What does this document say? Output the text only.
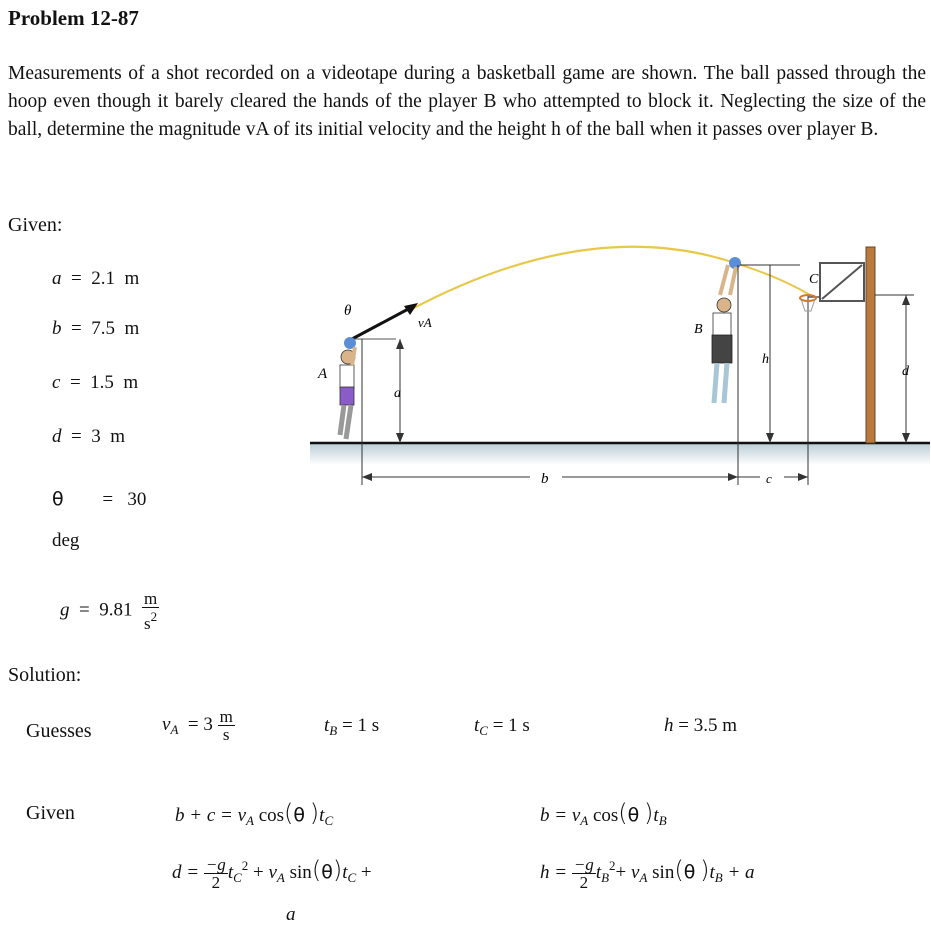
Problem 12-87
Measurements of a shot recorded on a videotape during a basketball game are shown. The ball passed through the hoop even though it barely cleared the hands of the player B who attempted to block it. Neglecting the size of the ball, determine the magnitude vA of its initial velocity and the height h of the ball when it passes over player B.
Given:
a = 2.1 m
b = 7.5 m
c = 1.5 m
d = 3 m
θ = 30
deg
$g = 9.81 \frac{m}{s^2}$
Solution:
Guesses	$v_A = 3 \frac{m}{s}$	$t_B = 1$ s	$t_C = 1$ s	h = 3.5 m
Given	$b + c = v_A$ cos(θ )$t_C$	$b = v_A$ cos(θ )$t_B$
$d = \frac{-g}{2} t_C^2 + v_A$ $\sin(\theta)t_C$ +
a
$h = \frac{-g}{2} t_B^2+ v_A$ sin(θ )$t_B + a$
θ
vA
A
a
b
B
h
c
C
d
